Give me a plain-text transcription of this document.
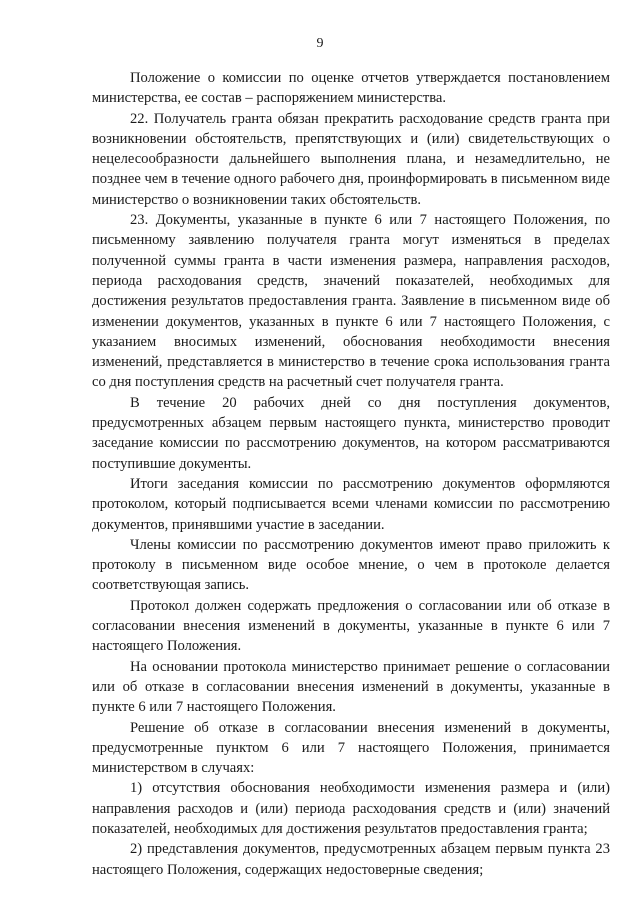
9

Положение о комиссии по оценке отчетов утверждается постановлением министерства, ее состав – распоряжением министерства.

22. Получатель гранта обязан прекратить расходование средств гранта при возникновении обстоятельств, препятствующих и (или) свидетельствующих о нецелесообразности дальнейшего выполнения плана, и незамедлительно, не позднее чем в течение одного рабочего дня, проинформировать в письменном виде министерство о возникновении таких обстоятельств.

23. Документы, указанные в пункте 6 или 7 настоящего Положения, по письменному заявлению получателя гранта могут изменяться в пределах полученной суммы гранта в части изменения размера, направления расходов, периода расходования средств, значений показателей, необходимых для достижения результатов предоставления гранта. Заявление в письменном виде об изменении документов, указанных в пункте 6 или 7 настоящего Положения, с указанием вносимых изменений, обоснования необходимости внесения изменений, представляется в министерство в течение срока использования гранта со дня поступления средств на расчетный счет получателя гранта.

В течение 20 рабочих дней со дня поступления документов, предусмотренных абзацем первым настоящего пункта, министерство проводит заседание комиссии по рассмотрению документов, на котором рассматриваются поступившие документы.

Итоги заседания комиссии по рассмотрению документов оформляются протоколом, который подписывается всеми членами комиссии по рассмотрению документов, принявшими участие в заседании.

Члены комиссии по рассмотрению документов имеют право приложить к протоколу в письменном виде особое мнение, о чем в протоколе делается соответствующая запись.

Протокол должен содержать предложения о согласовании или об отказе в согласовании внесения изменений в документы, указанные в пункте 6 или 7 настоящего Положения.

На основании протокола министерство принимает решение о согласовании или об отказе в согласовании внесения изменений в документы, указанные в пункте 6 или 7 настоящего Положения.

Решение об отказе в согласовании внесения изменений в документы, предусмотренные пунктом 6 или 7 настоящего Положения, принимается министерством в случаях:

1) отсутствия обоснования необходимости изменения размера и (или) направления расходов и (или) периода расходования средств и (или) значений показателей, необходимых для достижения результатов предоставления гранта;

2) представления документов, предусмотренных абзацем первым пункта 23 настоящего Положения, содержащих недостоверные сведения;
